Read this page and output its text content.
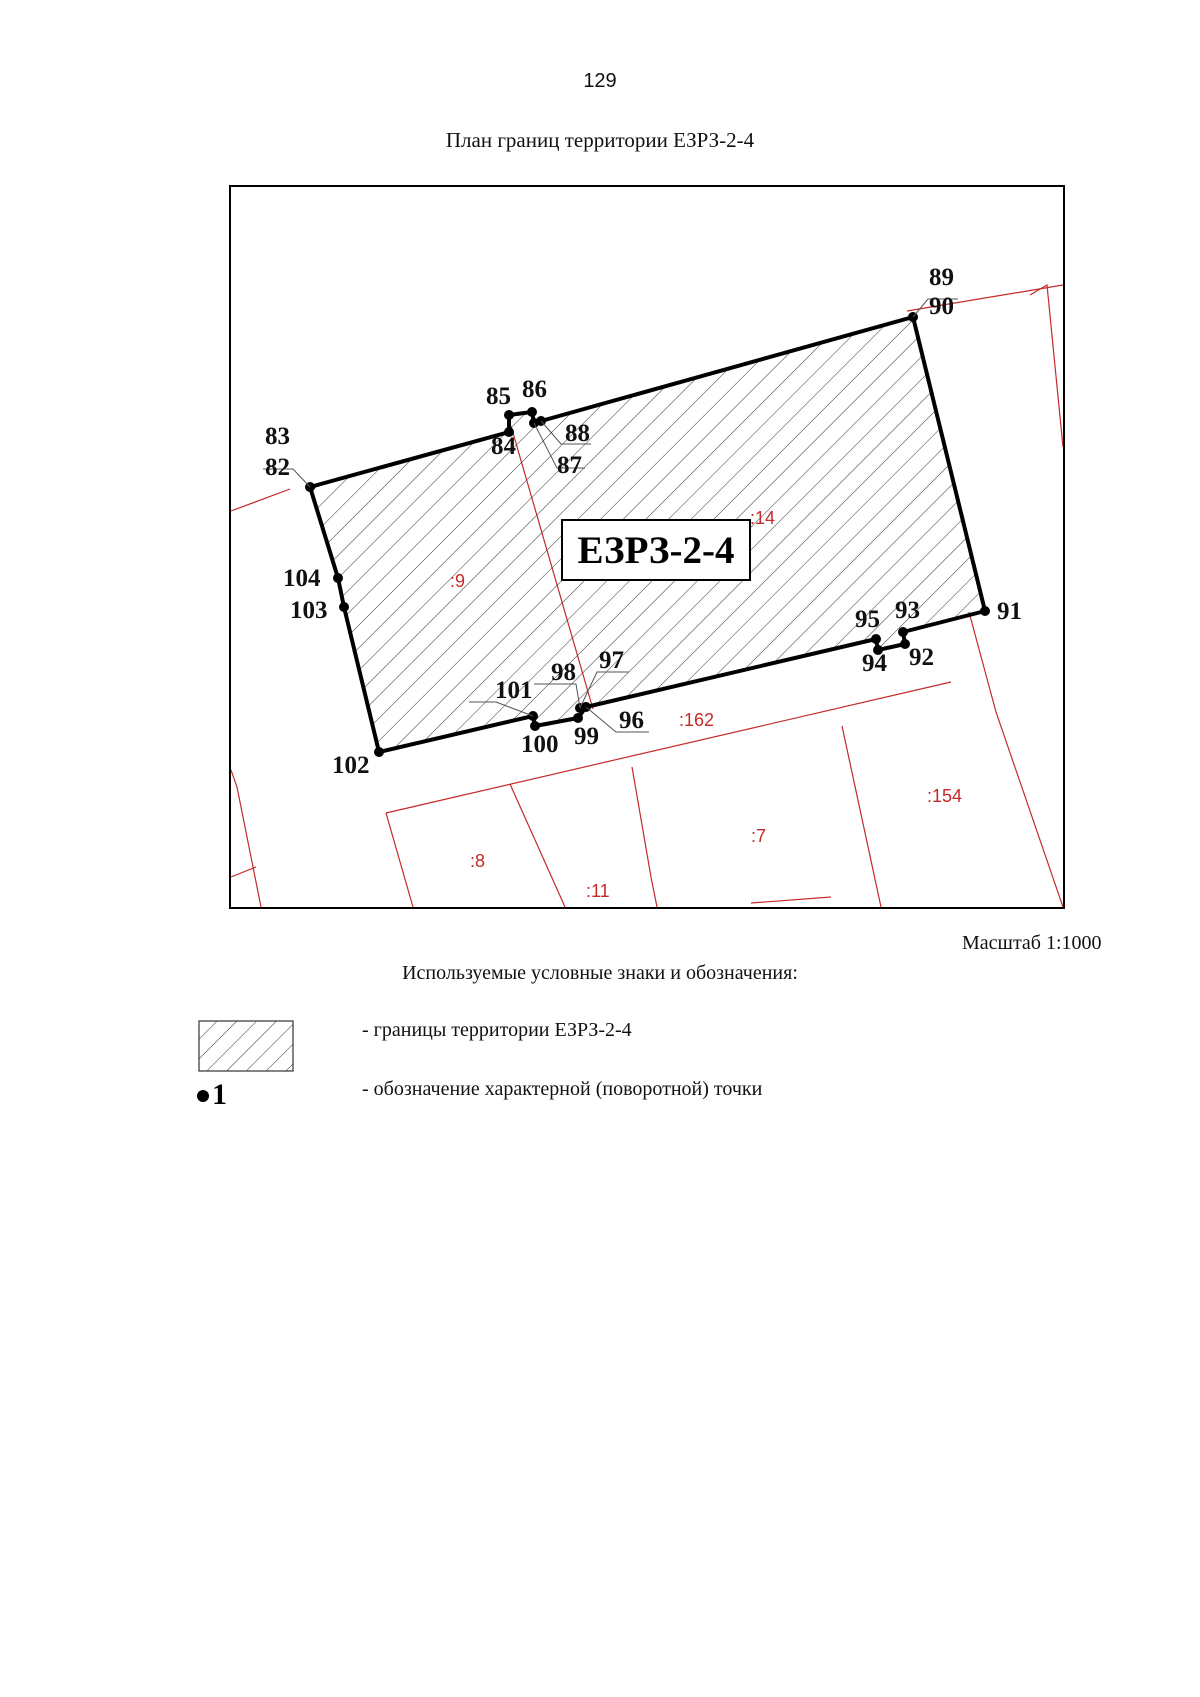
129
План границ территории ЕЗРЗ-2-4
ЕЗРЗ-2-4
83
82
84
85 86
87
88
89
90
91
92
93
94
95
96
97
98
99
100
101
102
103
104	:9
:14
:162
:154
:8
:7
:11
Масштаб 1:1000
Используемые условные знаки и обозначения:
1
- границы территории ЕЗРЗ-2-4
- обозначение характерной (поворотной) точки
